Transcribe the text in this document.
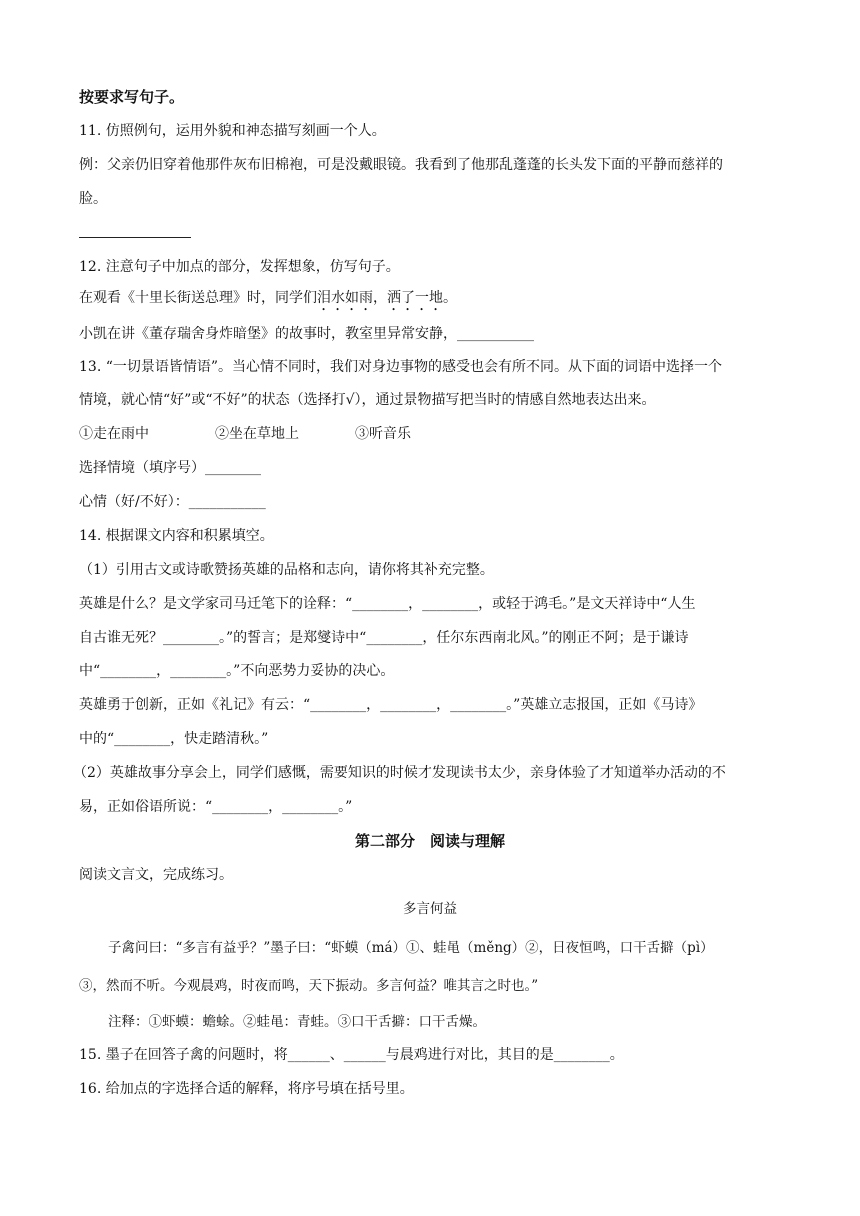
按要求写句子。
11. 仿照例句，运用外貌和神态描写刻画一个人。
例：父亲仍旧穿着他那件灰布旧棉袍，可是没戴眼镜。我看到了他那乱蓬蓬的长头发下面的平静而慈祥的
脸。
12. 注意句子中加点的部分，发挥想象，仿写句子。
在观看《十里长街送总理》时，同学们泪水如雨，洒了一地。
小凯在讲《董存瑞舍身炸暗堡》的故事时，教室里异常安静，___________
13. “一切景语皆情语”。当心情不同时，我们对身边事物的感受也会有所不同。从下面的词语中选择一个
情境，就心情“好”或“不好”的状态（选择打√），通过景物描写把当时的情感自然地表达出来。
①走在雨中	②坐在草地上	③听音乐
选择情境（填序号）________
心情（好/不好）：___________
14. 根据课文内容和积累填空。
（1）引用古文或诗歌赞扬英雄的品格和志向，请你将其补充完整。
英雄是什么？是文学家司马迁笔下的诠释：“________，________，或轻于鸿毛。”是文天祥诗中“人生
自古谁无死？________。”的誓言；是郑燮诗中“________，任尔东西南北风。”的刚正不阿；是于谦诗
中“________，________。”不向恶势力妥协的决心。
英雄勇于创新，正如《礼记》有云：“________，________，________。”英雄立志报国，正如《马诗》
中的“________，快走踏清秋。”
（2）英雄故事分享会上，同学们感慨，需要知识的时候才发现读书太少，亲身体验了才知道举办活动的不
易，正如俗语所说：“________，________。”
第二部分　阅读与理解
阅读文言文，完成练习。
多言何益
子禽问曰：“多言有益乎？”墨子曰：“虾蟆（má）①、蛙黾（měng）②，日夜恒鸣，口干舌擗（pì）
③，然而不听。今观晨鸡，时夜而鸣，天下振动。多言何益？唯其言之时也。”
注释：①虾蟆：蟾蜍。②蛙黾：青蛙。③口干舌擗：口干舌燥。
15. 墨子在回答子禽的问题时，将______、______与晨鸡进行对比，其目的是________。
16. 给加点的字选择合适的解释，将序号填在括号里。
